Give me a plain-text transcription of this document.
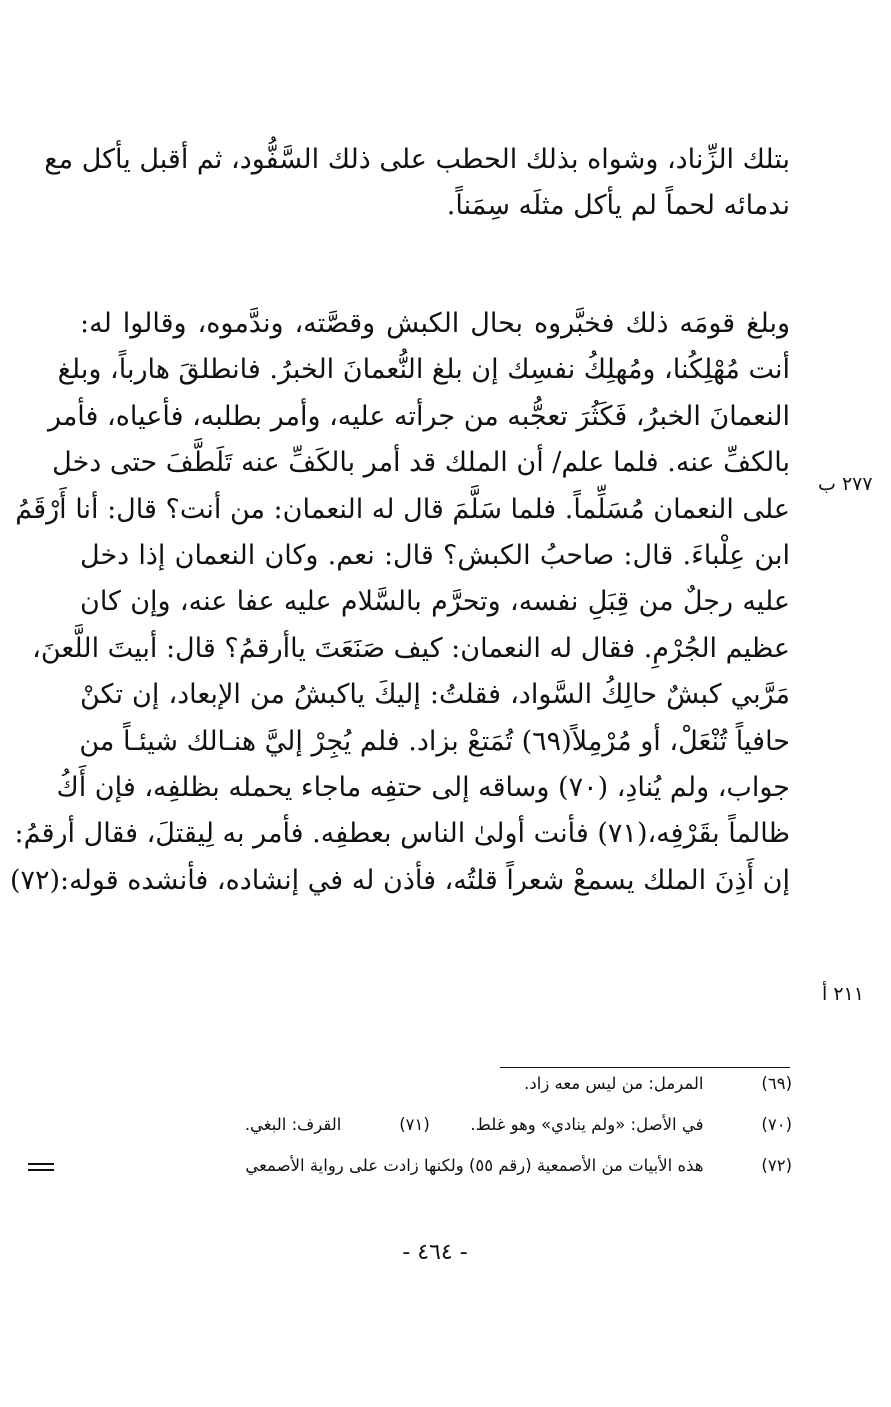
بتلك الزِّناد، وشواه بذلك الحطب على ذلك السَّفُّود، ثم أقبل يأكل مع
ندمائه لحماً لم يأكل مثلَه سِمَناً.
وبلغ قومَه ذلك فخبَّروه بحال الكبش وقصَّته، وندَّموه، وقالوا له:
أنت مُهْلِكُنا، ومُهلِكُ نفسِك إن بلغ النُّعمانَ الخبرُ. فانطلقَ هارباً، وبلغ
النعمانَ الخبرُ، فَكَثُرَ تعجُّبه من جرأته عليه، وأمر بطلبه، فأعياه، فأمر
بالكفِّ عنه. فلما علم/ أن الملك قد أمر بالكَفِّ عنه تَلَطَّفَ حتى دخل
على النعمان مُسَلِّماً. فلما سَلَّمَ قال له النعمان: من أنت؟ قال: أنا أَرْقَمُ
ابن عِلْباءَ. قال: صاحبُ الكبش؟ قال: نعم. وكان النعمان إذا دخل
عليه رجلٌ من قِبَلِ نفسه، وتحرَّم بالسَّلام عليه عفا عنه، وإن كان
عظيم الجُرْمِ. فقال له النعمان: كيف صَنَعَتَ ياأرقمُ؟ قال: أبيتَ اللَّعنَ،
مَرَّبي كبشٌ حالِكُ السَّواد، فقلتُ: إليكَ ياكبشُ من الإبعاد، إن تكنْ
حافياً تُنْعَلْ، أو مُرْمِلاً(٦٩) تُمَتعْ بزاد. فلم يُجِرْ إليَّ هنـالك شيئـاً من
جواب، ولم يُنادِ، (٧٠) وساقه إلى حتفِه ماجاء يحمله بظلفِه، فإن أَكُ
ظالماً بقَرْفِه،(٧١) فأنت أولىٰ الناس بعطفِه. فأمر به لِيقتلَ، فقال أرقمُ:
إن أَذِنَ الملك يسمعْ شعراً قلتُه، فأذن له في إنشاده، فأنشده قوله:(٧٢)
٢٧٧ ب
٢١١ أ
(٦٩)  المرمل: من ليس معه زاد.
(٧٠)  في الأصل: «ولم ينادي» وهو غلط.  (٧١)  القرف: البغي.
(٧٢)  هذه الأبيات من الأصمعية (رقم ٥٥) ولكنها زادت على رواية الأصمعي
- ٤٦٤ -
